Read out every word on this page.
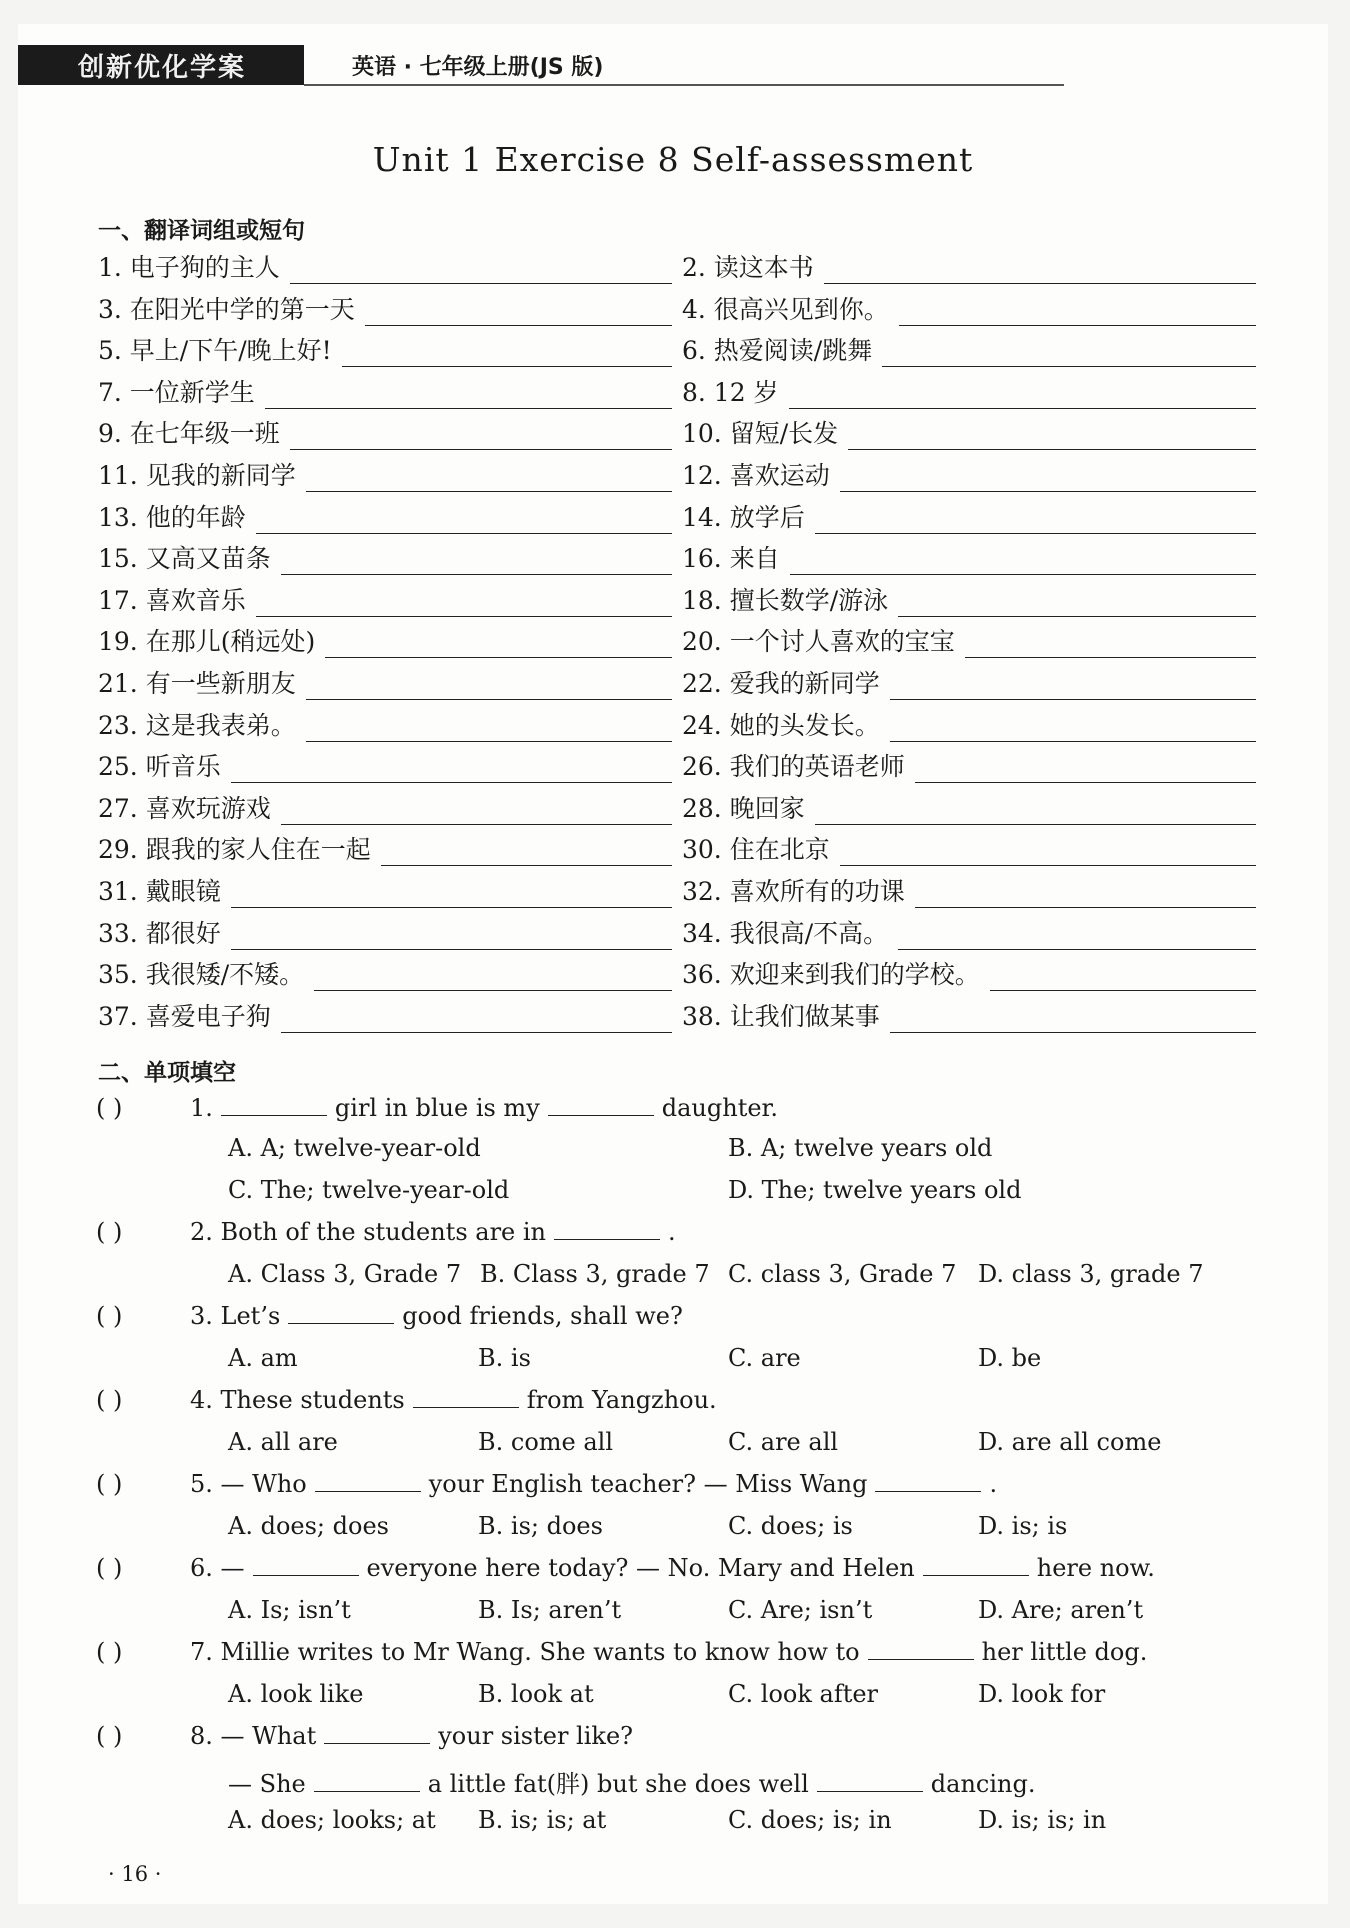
创新优化学案	英语 · 七年级上册(JS 版)
Unit 1 Exercise 8 Self-assessment
一、翻译词组或短句
1. 电子狗的主人	2. 读这本书
3. 在阳光中学的第一天	4. 很高兴见到你。
5. 早上/下午/晚上好!	6. 热爱阅读/跳舞
7. 一位新学生	8. 12 岁
9. 在七年级一班	10. 留短/长发
11. 见我的新同学	12. 喜欢运动
13. 他的年龄	14. 放学后
15. 又高又苗条	16. 来自
17. 喜欢音乐	18. 擅长数学/游泳
19. 在那儿(稍远处)	20. 一个讨人喜欢的宝宝
21. 有一些新朋友	22. 爱我的新同学
23. 这是我表弟。	24. 她的头发长。
25. 听音乐	26. 我们的英语老师
27. 喜欢玩游戏	28. 晚回家
29. 跟我的家人住在一起	30. 住在北京
31. 戴眼镜	32. 喜欢所有的功课
33. 都很好	34. 我很高/不高。
35. 我很矮/不矮。	36. 欢迎来到我们的学校。
37. 喜爱电子狗	38. 让我们做某事
二、单项填空
( )	1.	girl in blue is my	daughter.
A. A; twelve-year-old	B. A; twelve years old
C. The; twelve-year-old	D. The; twelve years old
( )	2. Both of the students are in	.
A. Class 3, Grade 7 B. Class 3, grade 7 C. class 3, Grade 7 D. class 3, grade 7
( )	3. Let’s	good friends, shall we?
A. am	B. is	C. are	D. be
( )	4. These students	from Yangzhou.
A. all are	B. come all	C. are all	D. are all come
( )	5. — Who	your English teacher? — Miss Wang	.
A. does; does	B. is; does	C. does; is	D. is; is
( )	6. —	everyone here today? — No. Mary and Helen	here now.
A. Is; isn’t	B. Is; aren’t	C. Are; isn’t	D. Are; aren’t
( )	7. Millie writes to Mr Wang. She wants to know how to	her little dog.
A. look like	B. look at	C. look after	D. look for
( )	8. — What	your sister like?
— She	a little fat(胖) but she does well	dancing.
A. does; looks; at B. is; is; at	C. does; is; in	D. is; is; in
· 16 ·
